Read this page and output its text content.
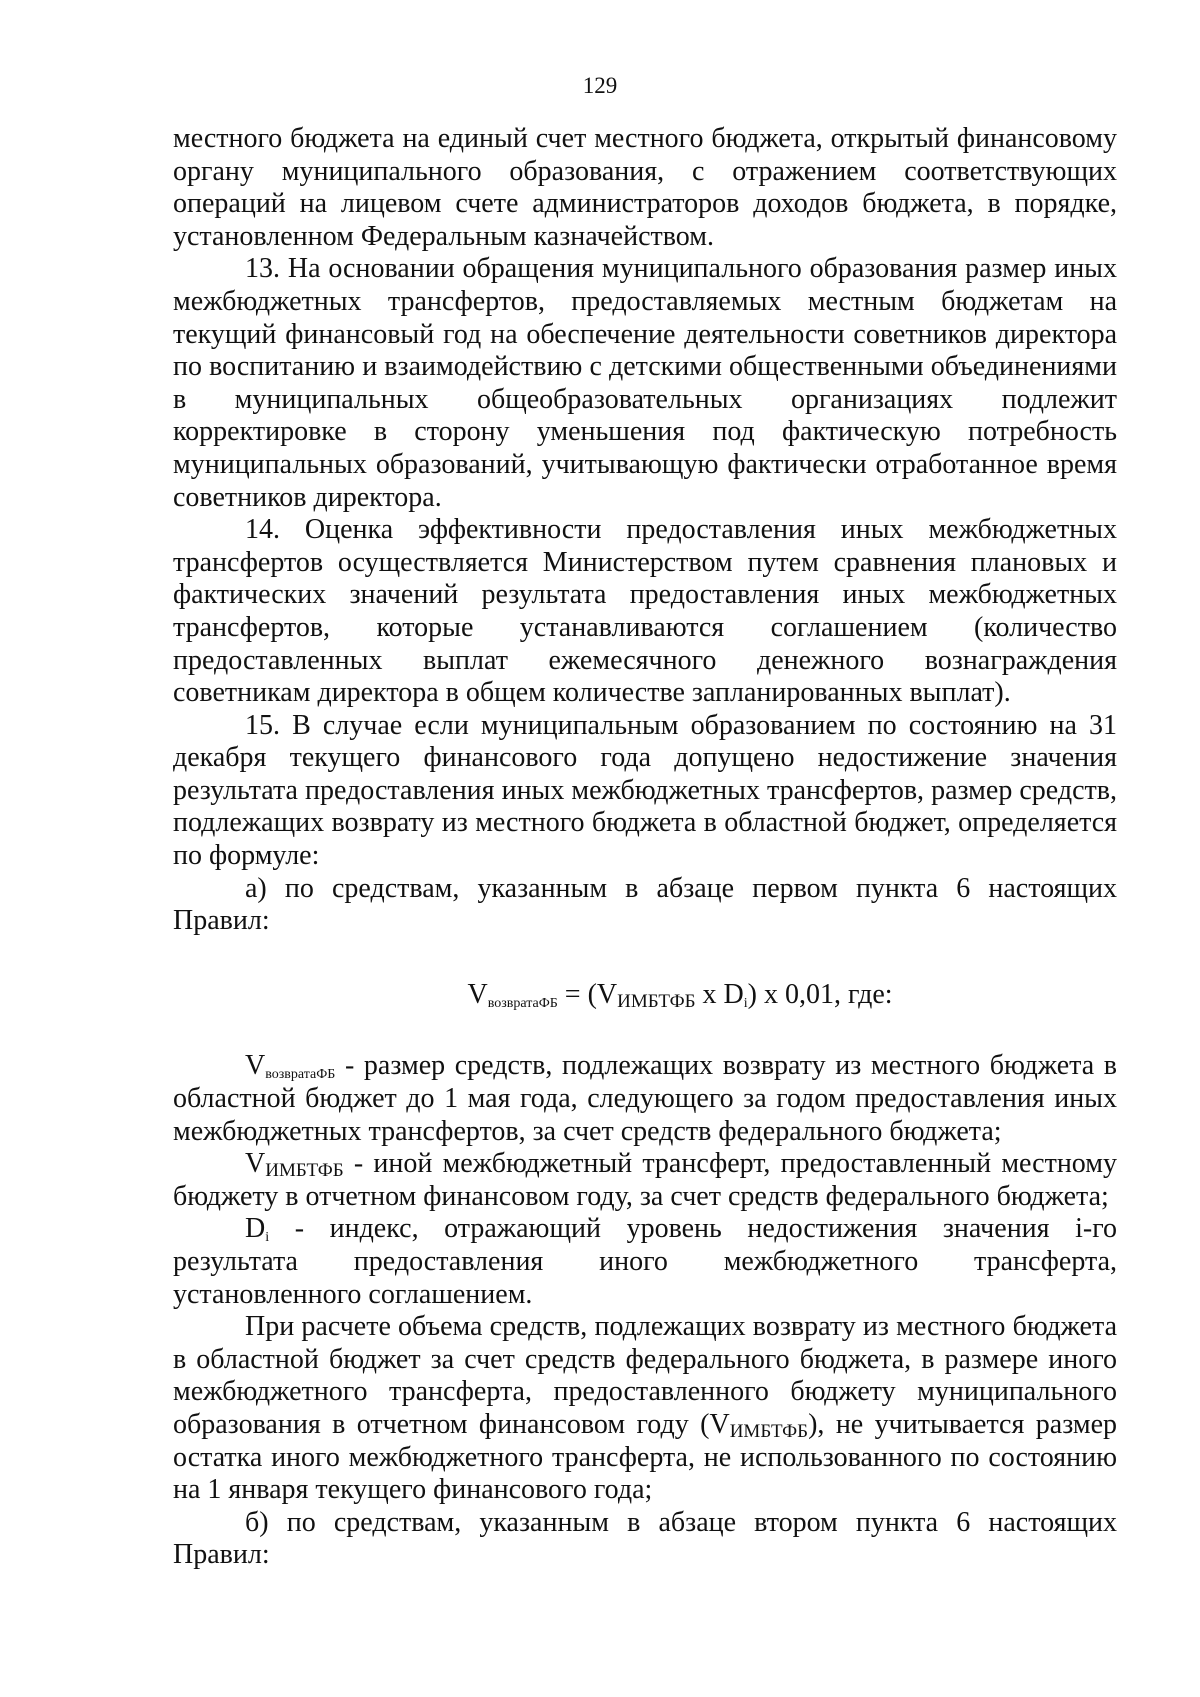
129

местного бюджета на единый счет местного бюджета, открытый финансовому органу муниципального образования, с отражением соответствующих операций на лицевом счете администраторов доходов бюджета, в порядке, установленном Федеральным казначейством.

13. На основании обращения муниципального образования размер иных межбюджетных трансфертов, предоставляемых местным бюджетам на текущий финансовый год на обеспечение деятельности советников директора по воспитанию и взаимодействию с детскими общественными объединениями в муниципальных общеобразовательных организациях подлежит корректировке в сторону уменьшения под фактическую потребность муниципальных образований, учитывающую фактически отработанное время советников директора.

14. Оценка эффективности предоставления иных межбюджетных трансфертов осуществляется Министерством путем сравнения плановых и фактических значений результата предоставления иных межбюджетных трансфертов, которые устанавливаются соглашением (количество предоставленных выплат ежемесячного денежного вознаграждения советникам директора в общем количестве запланированных выплат).

15. В случае если муниципальным образованием по состоянию на 31 декабря текущего финансового года допущено недостижение значения результата предоставления иных межбюджетных трансфертов, размер средств, подлежащих возврату из местного бюджета в областной бюджет, определяется по формуле:

а) по средствам, указанным в абзаце первом пункта 6 настоящих Правил:

$V_{возвратаФБ} = (V_{ИМБТФБ}$ x $D_i$) x 0,01, где:

$V_{возвратаФБ}$ - размер средств, подлежащих возврату из местного бюджета в областной бюджет до 1 мая года, следующего за годом предоставления иных межбюджетных трансфертов, за счет средств федерального бюджета;

$V_{ИМБТФБ}$ - иной межбюджетный трансферт, предоставленный местному бюджету в отчетном финансовом году, за счет средств федерального бюджета;

$D_i$ - индекс, отражающий уровень недостижения значения i-го результата предоставления иного межбюджетного трансферта, установленного соглашением.

При расчете объема средств, подлежащих возврату из местного бюджета в областной бюджет за счет средств федерального бюджета, в размере иного межбюджетного трансферта, предоставленного бюджету муниципального образования в отчетном финансовом году $(V_{ИМБТФБ})$, не учитывается размер остатка иного межбюджетного трансферта, не использованного по состоянию на 1 января текущего финансового года;

б) по средствам, указанным в абзаце втором пункта 6 настоящих Правил:
